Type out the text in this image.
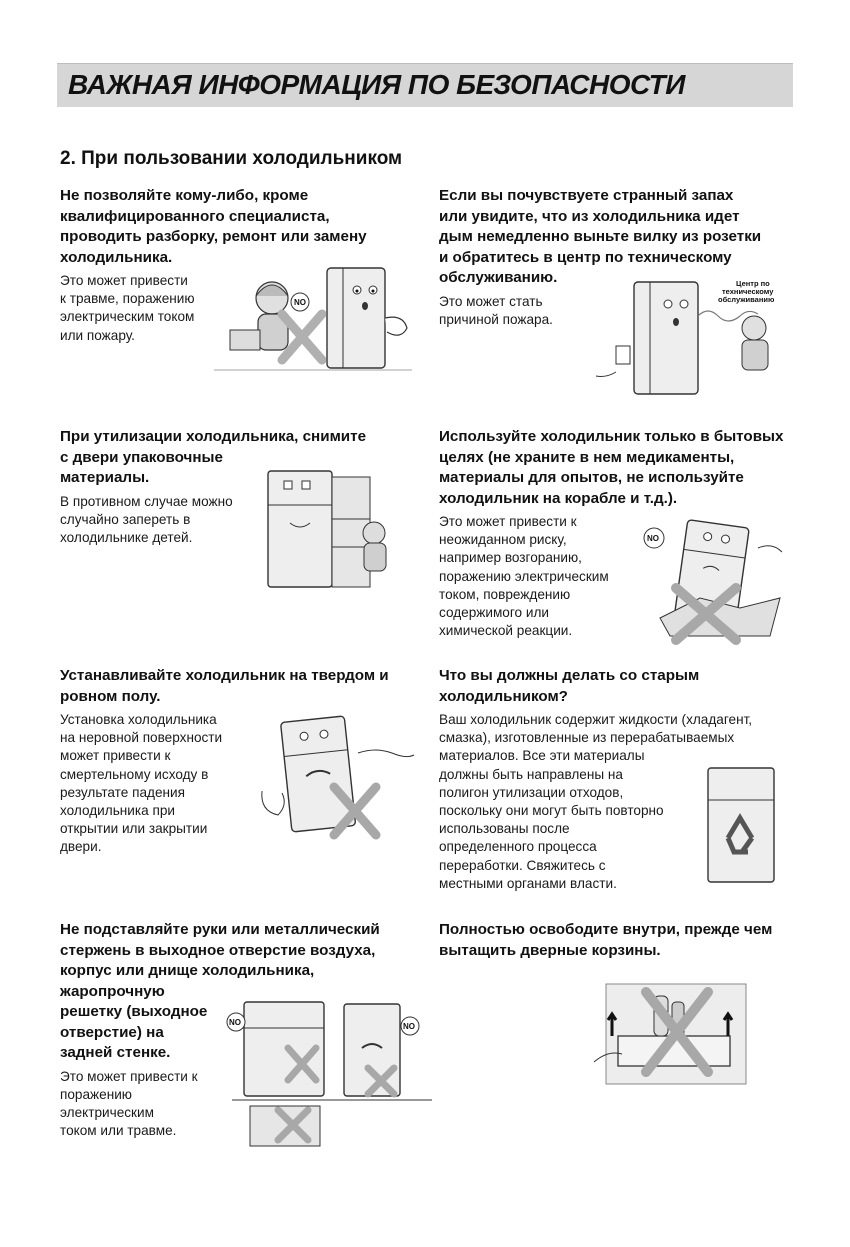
ВАЖНАЯ ИНФОРМАЦИЯ ПО БЕЗОПАСНОСТИ
2. При пользовании холодильником
Не позволяйте кому-либо, кроме
квалифицированного специалиста,
проводить разборку, ремонт или замену
холодильника.
Это может привести
к травме, поражению
электрическим током
или пожару.
Если вы почувствуете странный запах
или увидите, что из холодильника идет
дым немедленно выньте вилку из розетки
и обратитесь в центр по техническому
обслуживанию.
Это может стать
причиной пожара.
При утилизации холодильника, снимите
с двери упаковочные
материалы.
В противном случае можно
случайно запереть в
холодильнике детей.
Используйте холодильник только в бытовых
целях (не храните в нем медикаменты,
материалы для опытов, не используйте
холодильник на корабле и т.д.).
Это может привести к
неожиданном риску,
например возгоранию,
поражению электрическим
током, повреждению
содержимого или
химической реакции.
Устанавливайте холодильник на твердом и
ровном полу.
Установка холодильника
на неровной поверхности
может привести к
смертельному исходу в
результате падения
холодильника при
открытии или закрытии
двери.
Что вы должны делать со старым
холодильником?
Ваш холодильник содержит жидкости (хладагент,
смазка), изготовленные из перерабатываемых
материалов. Все эти материалы
должны быть направлены на
полигон утилизации отходов,
поскольку они могут быть повторно
использованы после
определенного процесса
переработки. Свяжитесь с
местными органами власти.
Не подставляйте руки или металлический
стержень в выходное отверстие воздуха,
корпус или днище холодильника,
жаропрочную
решетку (выходное
отверстие) на
задней стенке.
Это может привести к
поражению
электрическим
током или травме.
Полностью освободите внутри, прежде чем
вытащить дверные корзины.
NO
Центр по
техническому
обслуживанию
NO
NO	NO
